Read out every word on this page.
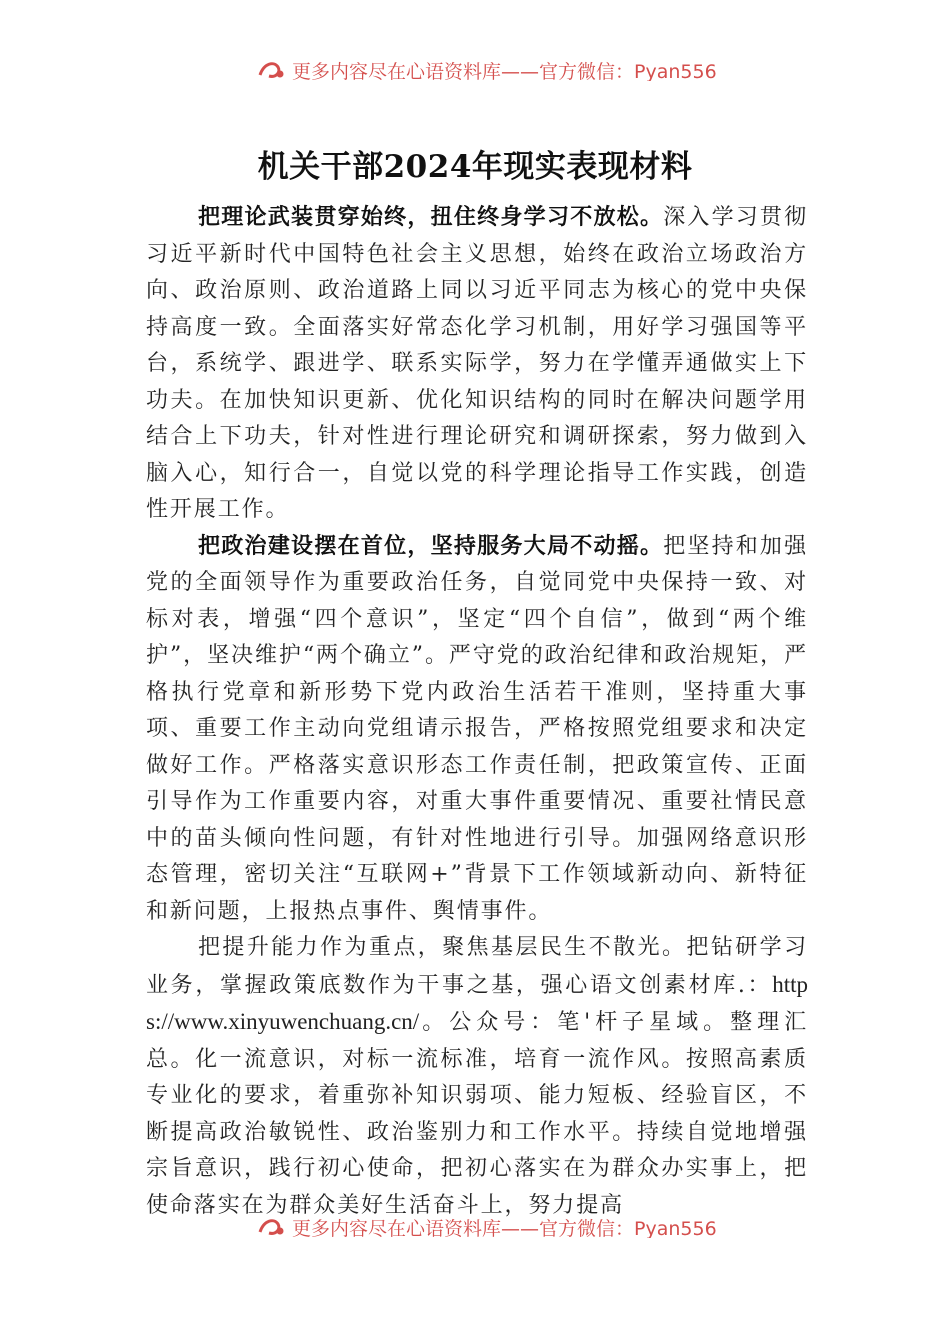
更多内容尽在心语资料库——官方微信：Pyan556
机关干部2024年现实表现材料

把理论武装贯穿始终，扭住终身学习不放松。深入学习贯彻习近平新时代中国特色社会主义思想，始终在政治立场政治方向、政治原则、政治道路上同以习近平同志为核心的党中央保持高度一致。全面落实好常态化学习机制，用好学习强国等平台，系统学、跟进学、联系实际学，努力在学懂弄通做实上下功夫。在加快知识更新、优化知识结构的同时在解决问题学用结合上下功夫，针对性进行理论研究和调研探索，努力做到入脑入心，知行合一，自觉以党的科学理论指导工作实践，创造性开展工作。

把政治建设摆在首位，坚持服务大局不动摇。把坚持和加强党的全面领导作为重要政治任务，自觉同党中央保持一致、对标对表，增强“四个意识”，坚定“四个自信”，做到“两个维护”，坚决维护“两个确立”。严守党的政治纪律和政治规矩，严格执行党章和新形势下党内政治生活若干准则，坚持重大事项、重要工作主动向党组请示报告，严格按照党组要求和决定做好工作。严格落实意识形态工作责任制，把政策宣传、正面引导作为工作重要内容，对重大事件重要情况、重要社情民意中的苗头倾向性问题，有针对性地进行引导。加强网络意识形态管理，密切关注“互联网+”背景下工作领域新动向、新特征和新问题，上报热点事件、舆情事件。

把提升能力作为重点，聚焦基层民生不散光。把钻研学习业务，掌握政策底数作为干事之基，强心语文创素材库.：https://www.xinyuwenchuang.cn/。公众号：笔'杆子星域。整理汇总。化一流意识，对标一流标准，培育一流作风。按照高素质专业化的要求，着重弥补知识弱项、能力短板、经验盲区，不断提高政治敏锐性、政治鉴别力和工作水平。持续自觉地增强宗旨意识，践行初心使命，把初心落实在为群众办实事上，把使命落实在为群众美好生活奋斗上，努力提高

更多内容尽在心语资料库——官方微信：Pyan556
